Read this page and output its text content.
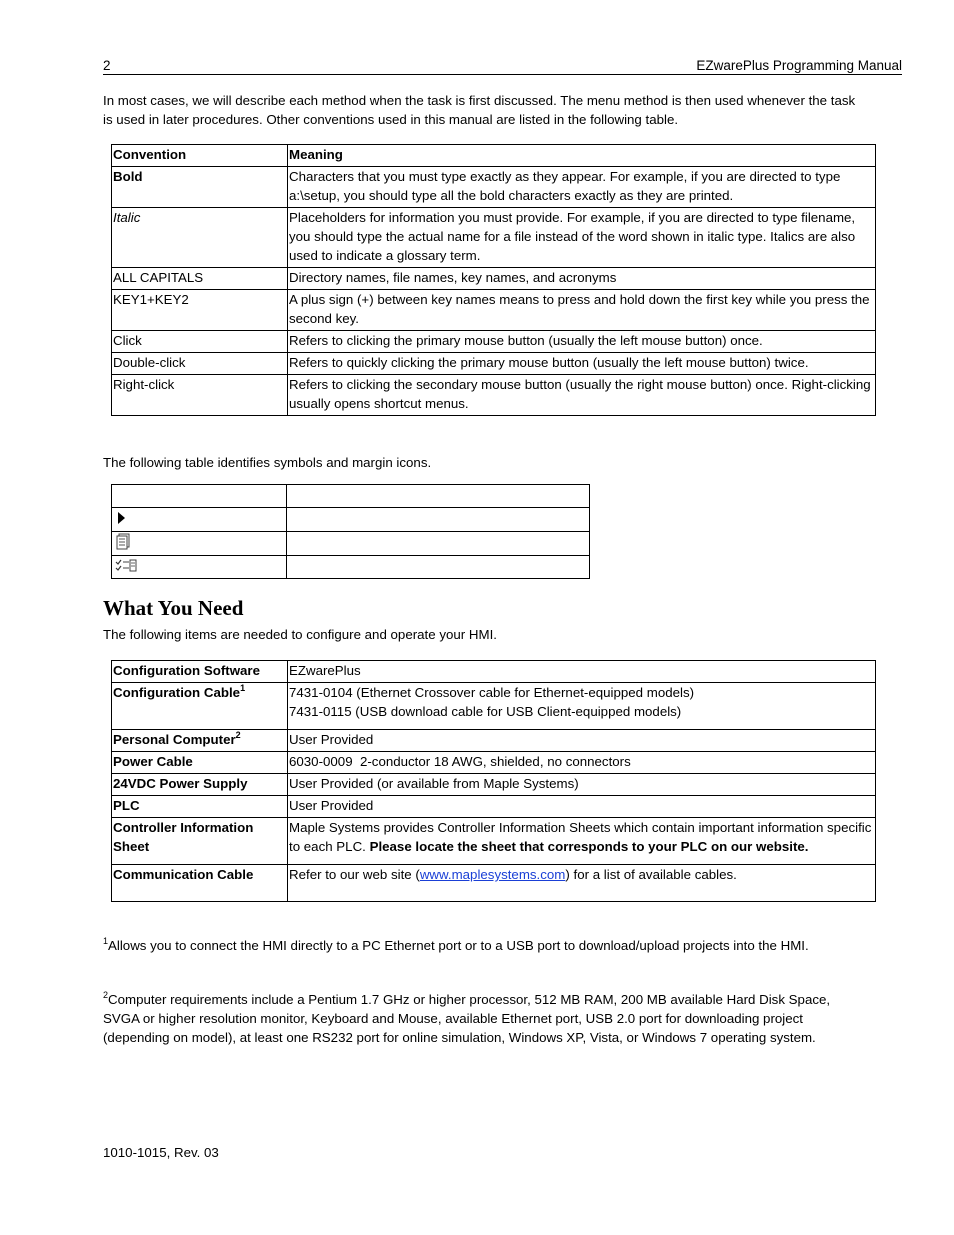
2	EZwarePlus Programming Manual

In most cases, we will describe each method when the task is first discussed. The menu method is then used whenever the task is used in later procedures. Other conventions used in this manual are listed in the following table.

Convention	Meaning
Bold	Characters that you must type exactly as they appear. For example, if you are directed to type a:\setup, you should type all the bold characters exactly as they are printed.
Italic	Placeholders for information you must provide. For example, if you are directed to type filename, you should type the actual name for a file instead of the word shown in italic type. Italics are also used to indicate a glossary term.
ALL CAPITALS	Directory names, file names, key names, and acronyms
KEY1+KEY2	A plus sign (+) between key names means to press and hold down the first key while you press the second key.
Click	Refers to clicking the primary mouse button (usually the left mouse button) once.
Double-click	Refers to quickly clicking the primary mouse button (usually the left mouse button) twice.
Right-click	Refers to clicking the secondary mouse button (usually the right mouse button) once. Right-clicking usually opens shortcut menus.

The following table identifies symbols and margin icons.

What You Need

The following items are needed to configure and operate your HMI.

Configuration Software	EZwarePlus
Configuration Cable$^1$	7431-0104 (Ethernet Crossover cable for Ethernet-equipped models)
7431-0115 (USB download cable for USB Client-equipped models)

Personal Computer$^2$	User Provided
Power Cable	6030-0009  2-conductor 18 AWG, shielded, no connectors
24VDC Power Supply	User Provided (or available from Maple Systems)
PLC	User Provided
Controller Information Sheet	Maple Systems provides Controller Information Sheets which contain important information specific to each PLC. Please locate the sheet that corresponds to your PLC on our website.
Communication Cable	Refer to our web site (www.maplesystems.com) for a list of available cables.

$^1$Allows you to connect the HMI directly to a PC Ethernet port or to a USB port to download/upload projects into the HMI.

$^2$Computer requirements include a Pentium 1.7 GHz or higher processor, 512 MB RAM, 200 MB available Hard Disk Space, SVGA or higher resolution monitor, Keyboard and Mouse, available Ethernet port, USB 2.0 port for downloading project (depending on model), at least one RS232 port for online simulation, Windows XP, Vista, or Windows 7 operating system.

1010-1015, Rev. 03
